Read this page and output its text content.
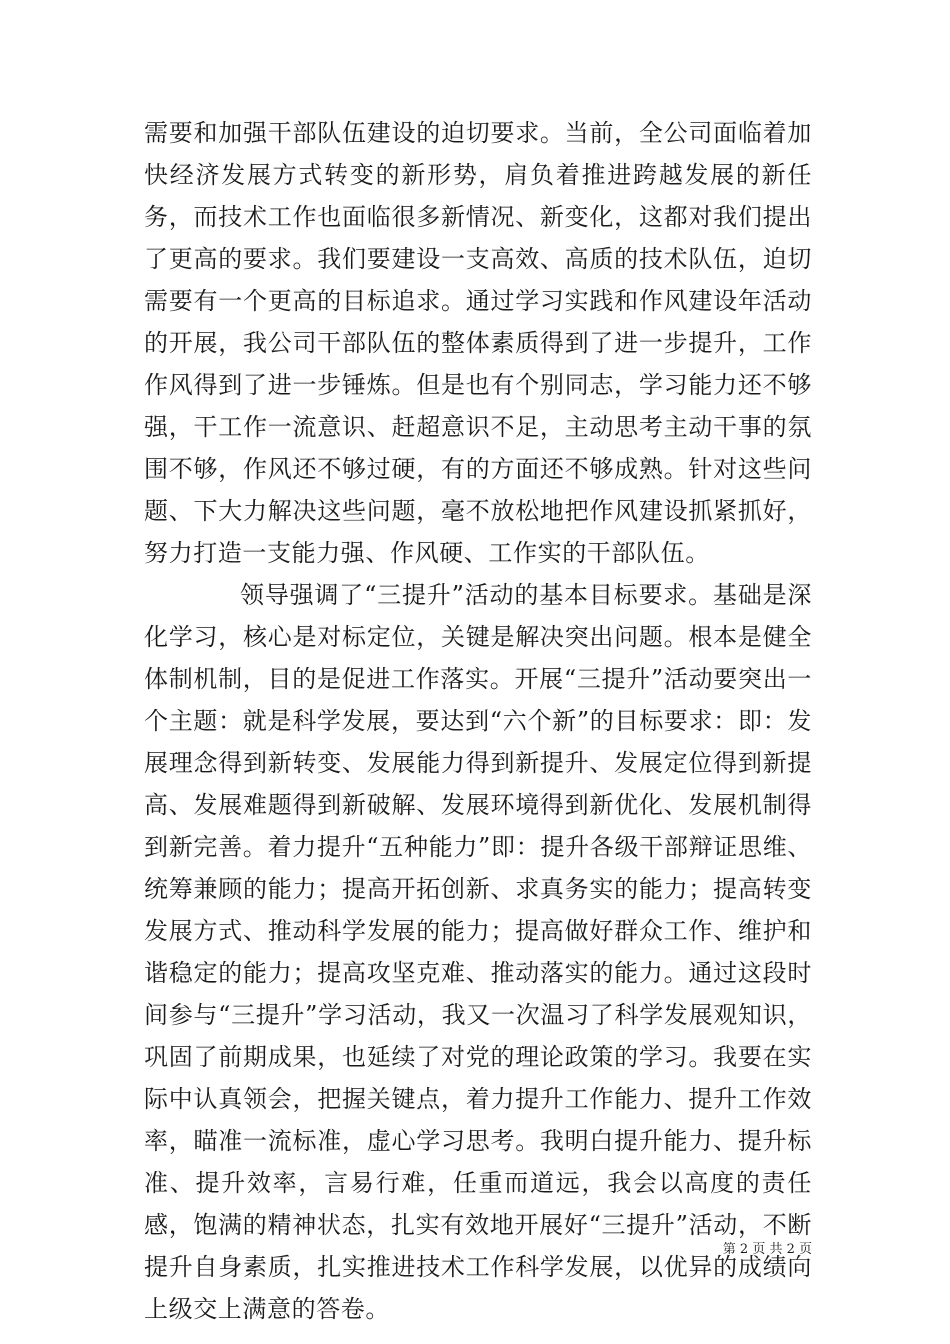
需要和加强干部队伍建设的迫切要求。当前，全公司面临着加快经济发展方式转变的新形势，肩负着推进跨越发展的新任务，而技术工作也面临很多新情况、新变化，这都对我们提出了更高的要求。我们要建设一支高效、高质的技术队伍，迫切需要有一个更高的目标追求。通过学习实践和作风建设年活动的开展，我公司干部队伍的整体素质得到了进一步提升，工作作风得到了进一步锤炼。但是也有个别同志，学习能力还不够强，干工作一流意识、赶超意识不足，主动思考主动干事的氛围不够，作风还不够过硬，有的方面还不够成熟。针对这些问题、下大力解决这些问题，毫不放松地把作风建设抓紧抓好，努力打造一支能力强、作风硬、工作实的干部队伍。

领导强调了“三提升”活动的基本目标要求。基础是深化学习，核心是对标定位，关键是解决突出问题。根本是健全体制机制，目的是促进工作落实。开展“三提升”活动要突出一个主题：就是科学发展，要达到“六个新”的目标要求：即：发展理念得到新转变、发展能力得到新提升、发展定位得到新提高、发展难题得到新破解、发展环境得到新优化、发展机制得到新完善。着力提升“五种能力”即：提升各级干部辩证思维、统筹兼顾的能力；提高开拓创新、求真务实的能力；提高转变发展方式、推动科学发展的能力；提高做好群众工作、维护和谐稳定的能力；提高攻坚克难、推动落实的能力。通过这段时间参与“三提升”学习活动，我又一次温习了科学发展观知识，巩固了前期成果，也延续了对党的理论政策的学习。我要在实际中认真领会，把握关键点，着力提升工作能力、提升工作效率，瞄准一流标准，虚心学习思考。我明白提升能力、提升标准、提升效率，言易行难，任重而道远，我会以高度的责任感，饱满的精神状态，扎实有效地开展好“三提升”活动，不断提升自身素质，扎实推进技术工作科学发展，以优异的成绩向上级交上满意的答卷。

第 2 页 共 2 页
